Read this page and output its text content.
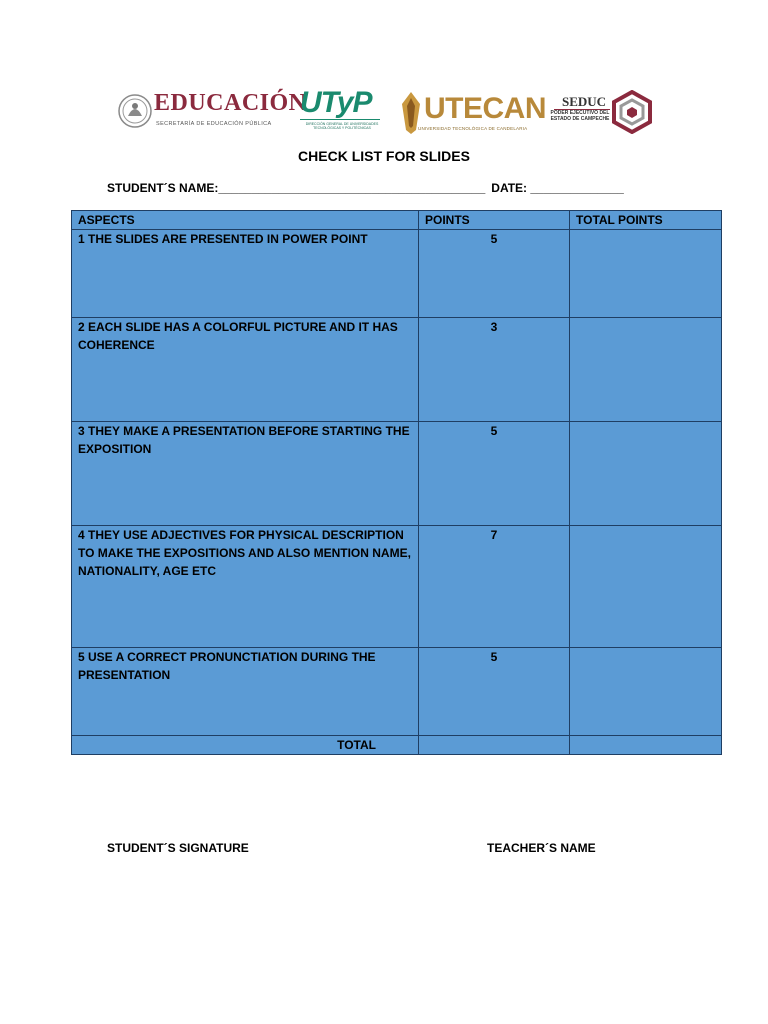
EDUCACIÓN
SECRETARÍA DE EDUCACIÓN PÚBLICA
UTyP
DIRECCIÓN GENERAL DE UNIVERSIDADES TECNOLÓGICAS Y POLITÉCNICAS
UTECAN
UNIVERSIDAD TECNOLÓGICA DE CANDELARIA
SEDUC
PODER EJECUTIVO DEL ESTADO DE CAMPECHE
CHECK LIST FOR SLIDES
STUDENT´S NAME:________________________________________ DATE: ______________
ASPECTS	POINTS	TOTAL POINTS
1 THE SLIDES ARE PRESENTED IN POWER POINT	5	
2 EACH SLIDE HAS A COLORFUL PICTURE AND IT HAS COHERENCE	3	
3 THEY MAKE A PRESENTATION BEFORE STARTING THE EXPOSITION	5	
4 THEY USE ADJECTIVES FOR PHYSICAL DESCRIPTION TO MAKE THE EXPOSITIONS AND ALSO MENTION NAME, NATIONALITY, AGE ETC	7	
5 USE A CORRECT PRONUNCTIATION DURING THE PRESENTATION	5	
TOTAL		
STUDENT´S SIGNATURE	TEACHER´S NAME
